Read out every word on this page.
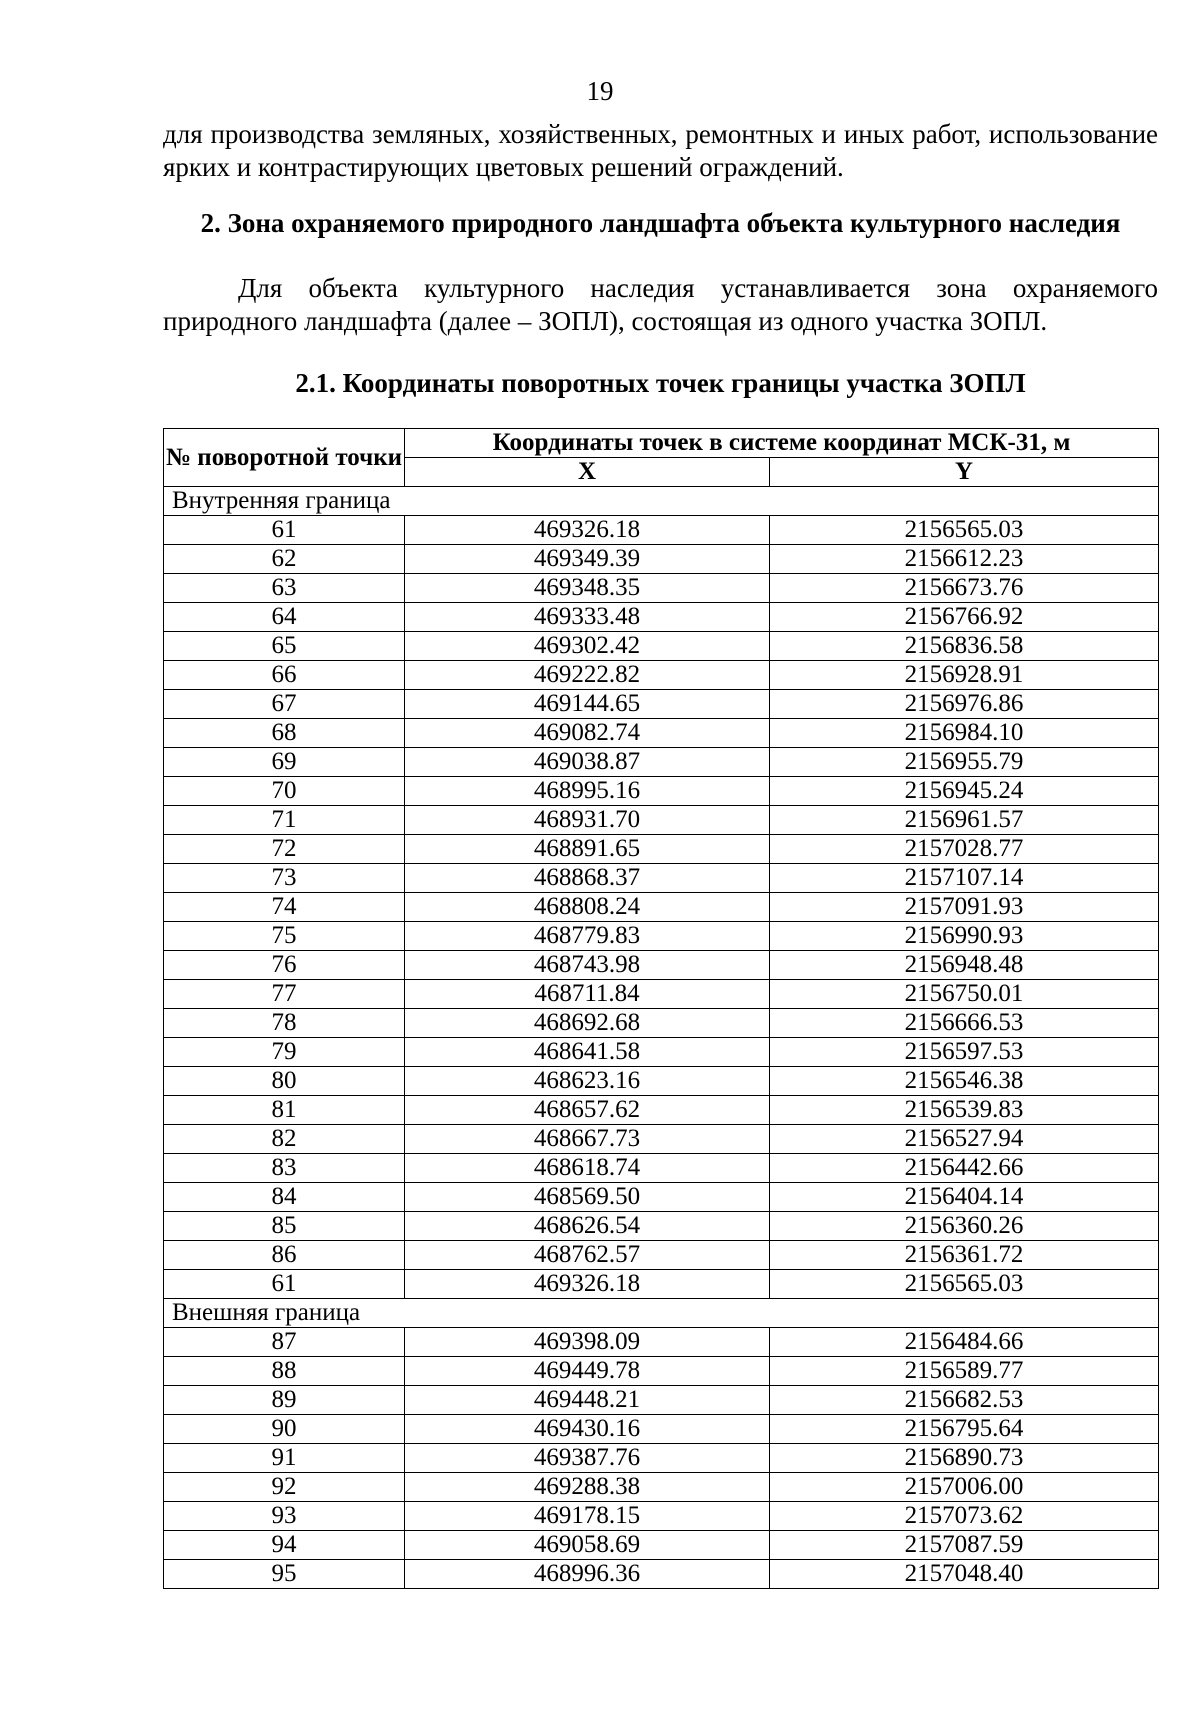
19
для производства земляных, хозяйственных, ремонтных и иных работ, использование ярких и контрастирующих цветовых решений ограждений.
2. Зона охраняемого природного ландшафта объекта культурного наследия
Для объекта культурного наследия устанавливается зона охраняемого природного ландшафта (далее – ЗОПЛ), состоящая из одного участка ЗОПЛ.
2.1. Координаты поворотных точек границы участка ЗОПЛ
№ поворотной точки	Координаты точек в системе координат МСК-31, м	
	X	Y
Внутренняя граница		
61	469326.18	2156565.03
62	469349.39	2156612.23
63	469348.35	2156673.76
64	469333.48	2156766.92
65	469302.42	2156836.58
66	469222.82	2156928.91
67	469144.65	2156976.86
68	469082.74	2156984.10
69	469038.87	2156955.79
70	468995.16	2156945.24
71	468931.70	2156961.57
72	468891.65	2157028.77
73	468868.37	2157107.14
74	468808.24	2157091.93
75	468779.83	2156990.93
76	468743.98	2156948.48
77	468711.84	2156750.01
78	468692.68	2156666.53
79	468641.58	2156597.53
80	468623.16	2156546.38
81	468657.62	2156539.83
82	468667.73	2156527.94
83	468618.74	2156442.66
84	468569.50	2156404.14
85	468626.54	2156360.26
86	468762.57	2156361.72
61	469326.18	2156565.03
Внешняя граница		
87	469398.09	2156484.66
88	469449.78	2156589.77
89	469448.21	2156682.53
90	469430.16	2156795.64
91	469387.76	2156890.73
92	469288.38	2157006.00
93	469178.15	2157073.62
94	469058.69	2157087.59
95	468996.36	2157048.40
